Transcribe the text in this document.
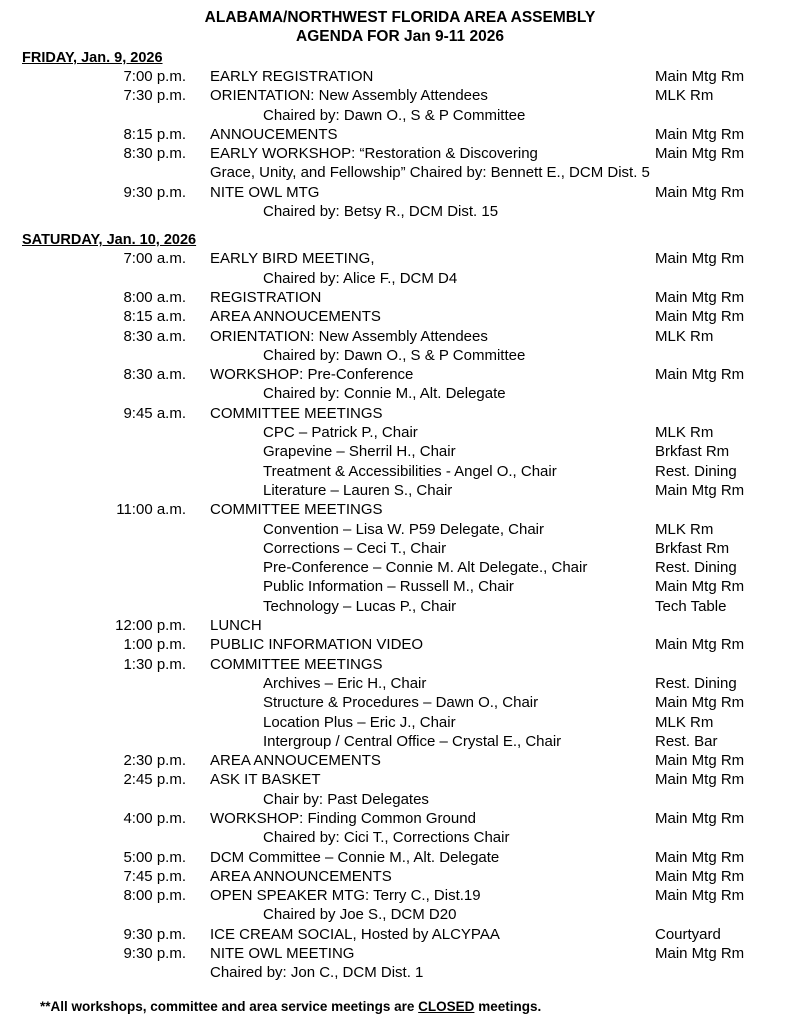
ALABAMA/NORTHWEST FLORIDA AREA ASSEMBLY
AGENDA FOR Jan 9-11 2026
FRIDAY, Jan. 9, 2026
7:00 p.m. EARLY REGISTRATION	Main Mtg Rm
7:30 p.m. ORIENTATION: New Assembly Attendees	MLK Rm
Chaired by: Dawn O., S & P Committee
8:15 p.m. ANNOUCEMENTS	Main Mtg Rm
8:30 p.m. EARLY WORKSHOP: “Restoration & Discovering	Main Mtg Rm
Grace, Unity, and Fellowship” Chaired by: Bennett E., DCM Dist. 5
9:30 p.m. NITE OWL MTG	Main Mtg Rm
Chaired by: Betsy R., DCM Dist. 15
SATURDAY, Jan. 10, 2026
7:00 a.m. EARLY BIRD MEETING,	Main Mtg Rm
Chaired by: Alice F., DCM D4
8:00 a.m. REGISTRATION	Main Mtg Rm
8:15 a.m. AREA ANNOUCEMENTS	Main Mtg Rm
8:30 a.m. ORIENTATION: New Assembly Attendees	MLK Rm
Chaired by: Dawn O., S & P Committee
8:30 a.m. WORKSHOP: Pre-Conference	Main Mtg Rm
Chaired by: Connie M., Alt. Delegate
9:45 a.m. COMMITTEE MEETINGS
CPC – Patrick P., Chair	MLK Rm
Grapevine – Sherril H., Chair	Brkfast Rm
Treatment & Accessibilities - Angel O., Chair	Rest. Dining
Literature – Lauren S., Chair	Main Mtg Rm
11:00 a.m. COMMITTEE MEETINGS
Convention – Lisa W. P59 Delegate, Chair	MLK Rm
Corrections – Ceci T., Chair	Brkfast Rm
Pre-Conference – Connie M. Alt Delegate., Chair	Rest. Dining
Public Information – Russell M., Chair	Main Mtg Rm
Technology – Lucas P., Chair	Tech Table
12:00 p.m. LUNCH
1:00 p.m. PUBLIC INFORMATION VIDEO	Main Mtg Rm
1:30 p.m. COMMITTEE MEETINGS
Archives – Eric H., Chair	Rest. Dining
Structure & Procedures – Dawn O., Chair	Main Mtg Rm
Location Plus – Eric J., Chair	MLK Rm
Intergroup / Central Office – Crystal E., Chair	Rest. Bar
2:30 p.m. AREA ANNOUCEMENTS	Main Mtg Rm
2:45 p.m. ASK IT BASKET	Main Mtg Rm
Chair by: Past Delegates
4:00 p.m. WORKSHOP: Finding Common Ground	Main Mtg Rm
Chaired by: Cici T., Corrections Chair
5:00 p.m. DCM Committee – Connie M., Alt. Delegate	Main Mtg Rm
7:45 p.m. AREA ANNOUNCEMENTS	Main Mtg Rm
8:00 p.m. OPEN SPEAKER MTG: Terry C., Dist.19	Main Mtg Rm
Chaired by Joe S., DCM D20
9:30 p.m. ICE CREAM SOCIAL, Hosted by ALCYPAA	Courtyard
9:30 p.m. NITE OWL MEETING	Main Mtg Rm
Chaired by: Jon C., DCM Dist. 1
**All workshops, committee and area service meetings are CLOSED meetings.
